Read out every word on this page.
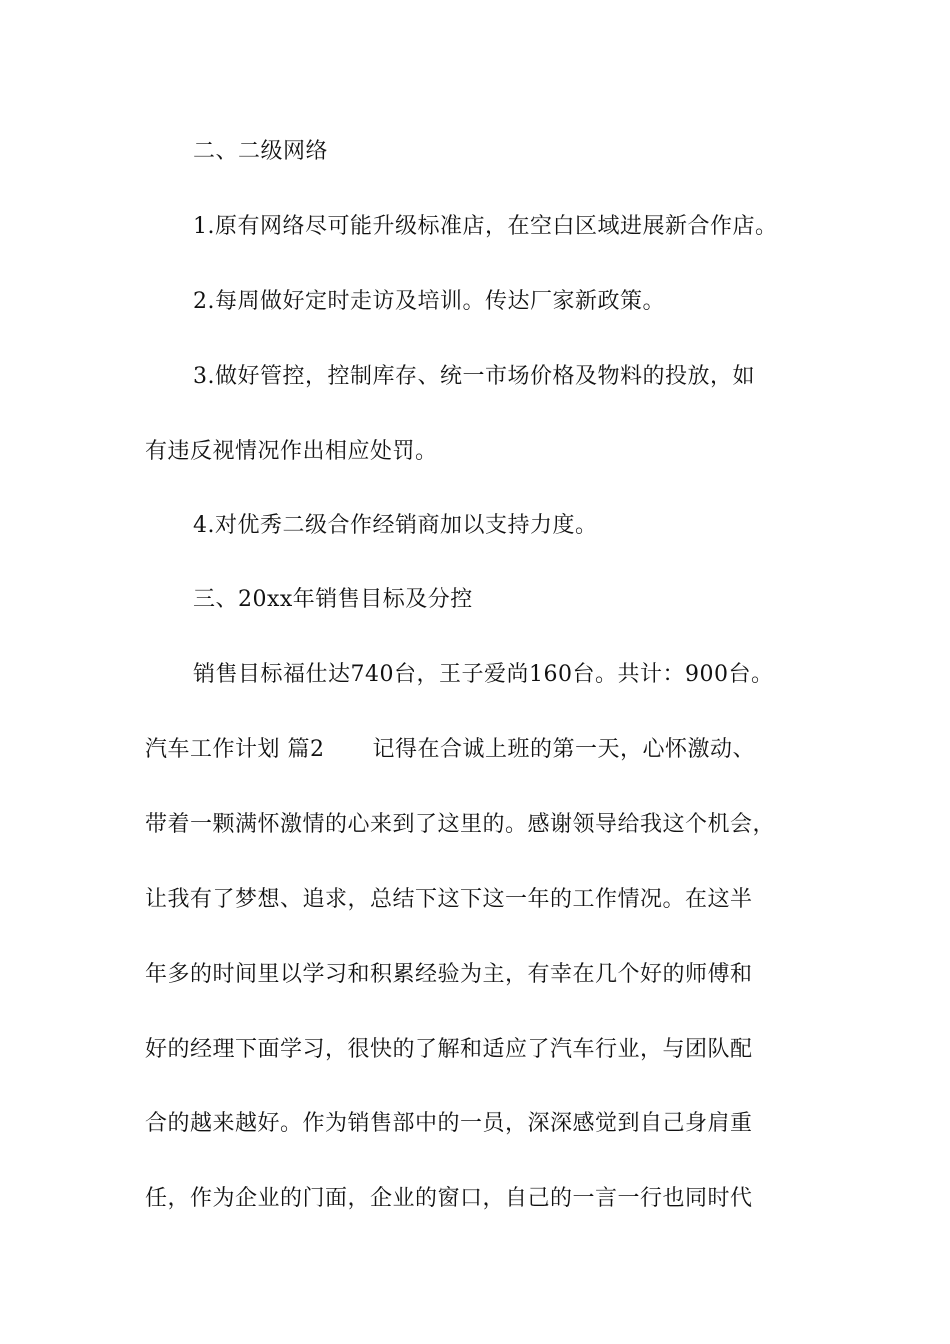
二、二级网络
1.原有网络尽可能升级标准店，在空白区域进展新合作店。
2.每周做好定时走访及培训。传达厂家新政策。
3.做好管控，控制库存、统一市场价格及物料的投放，如
有违反视情况作出相应处罚。
4.对优秀二级合作经销商加以支持力度。
三、20xx年销售目标及分控
销售目标福仕达740台，王子爱尚160台。共计：900台。
汽车工作计划 篇2 记得在合诚上班的第一天，心怀激动、
带着一颗满怀激情的心来到了这里的。感谢领导给我这个机会，
让我有了梦想、追求，总结下这下这一年的工作情况。在这半
年多的时间里以学习和积累经验为主，有幸在几个好的师傅和
好的经理下面学习，很快的了解和适应了汽车行业，与团队配
合的越来越好。作为销售部中的一员，深深感觉到自己身肩重
任，作为企业的门面，企业的窗口，自己的一言一行也同时代
